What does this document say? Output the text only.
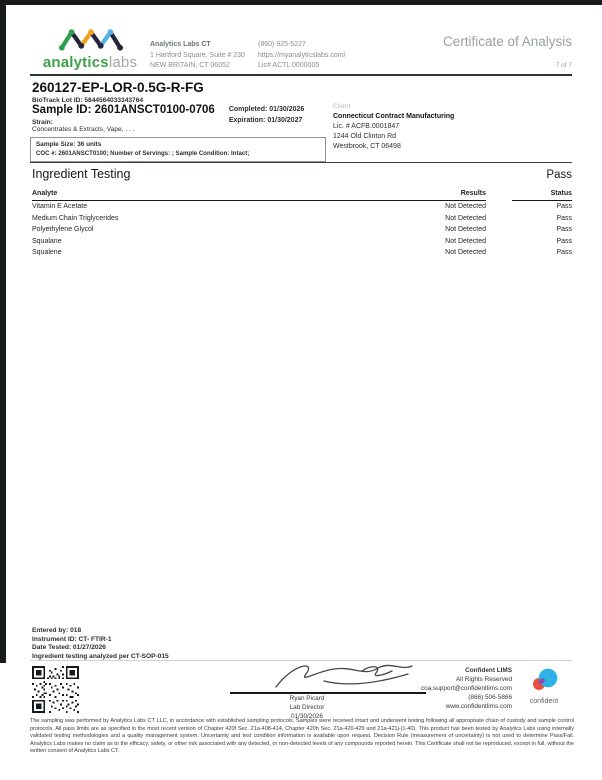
analyticslabs
Analytics Labs CT
1 Hartford Square, Suite # 230
NEW BRITAIN, CT 06052
(860) 925-5227
https://myanalyticslabs.com/
Lic# ACTL 0000005
Certificate of Analysis
7 of 7
260127-EP-LOR-0.5G-R-FG
BioTrack Lot ID: 5844564033343764
Sample ID: 2601ANSCT0100-0706 Completed: 01/30/2026
Expiration: 01/30/2027
Strain:
Concentrates & Extracts, Vape, . . .
Client
Connecticut Contract Manufacturing
Lic. # ACFB.0001847
1244 Old Clinton Rd
Westbrook, CT 06498
Sample Size: 36 units
COC #: 2601ANSCT0100; Number of Servings: ; Sample Condition: Intact;
Ingredient Testing	Pass
Analyte	Results	Status
Vitamin E Acetate	Not Detected	Pass
Medium Chain Triglycerides	Not Detected	Pass
Polyethylene Glycol	Not Detected	Pass
Squalane	Not Detected	Pass
Squalene	Not Detected	Pass
Entered by: 018
Instrument ID: CT- FTIR-1
Date Tested: 01/27/2026
Ingredient testing analyzed per CT-SOP-015
Ryan Picard
Lab Director
01/30/2026
Confident LIMS
All Rights Reserved
coa.support@confidentlims.com
(866) 506-5866
www.confidentlims.com
confident
The sampling was performed by Analytics Labs CT LLC, in accordance with established sampling protocols. Samples were received intact and underwent testing following all appropriate chain of custody and sample control protocols. All pass limits are as specified in the most recent version of Chapter 420f Sec. 21a-408-414, Chapter 420h Sec. 21a-420-429 and 21a-421j-(1-40). This product has been tested by Analytics Labs using internally validated testing methodologies and a quality management system. Uncertainty and test condition information is available upon request. Decision Rule (measurement of uncertainty) is not used to determine Pass/Fail. Analytics Labs makes no claim as to the efficacy, safety, or other risk associated with any detected, or non-detected levels of any compounds reported herein. This Certificate shall not be reproduced, except in full, without the written consent of Analytics Labs CT.
